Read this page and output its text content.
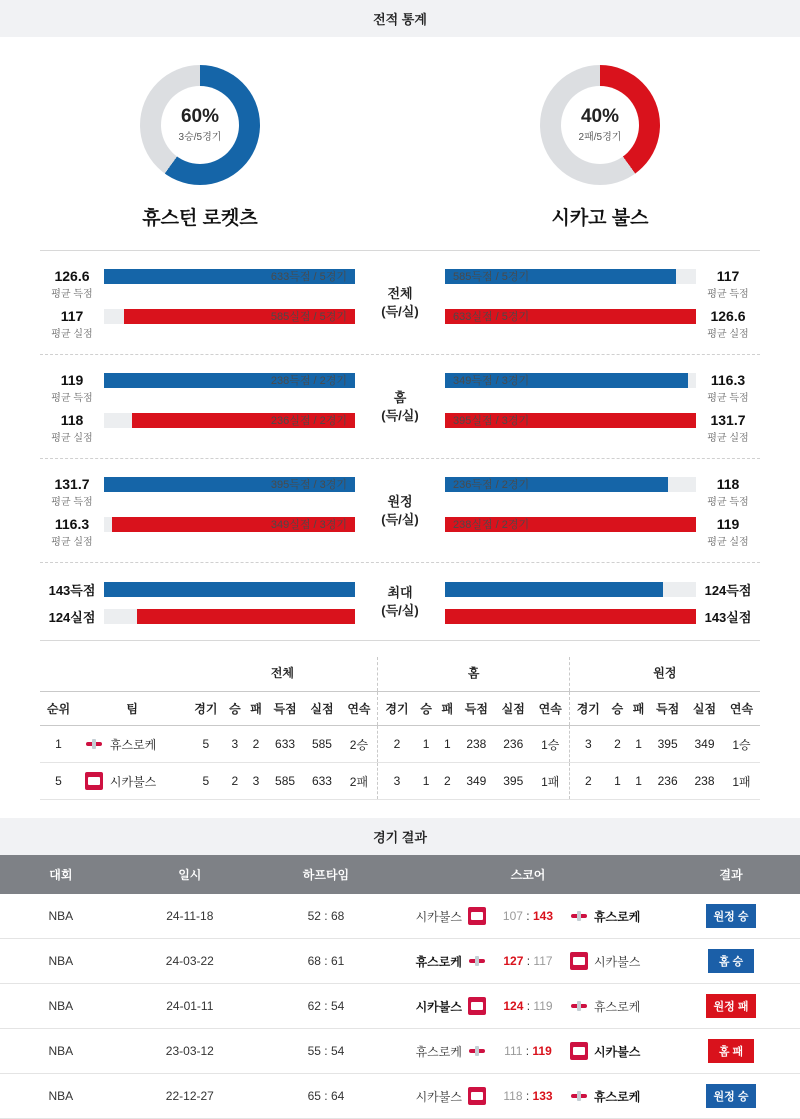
전적 통계
60%
3승/5경기
휴스턴 로켓츠
40%
2패/5경기
시카고 불스
126.6	633득점 / 5경기
평균 득점
117	585실점 / 5경기
평균 실점
전체
(득/실)
117
585득점 / 5경기
평균 득점
126.6
633실점 / 5경기
평균 실점
119	238득점 / 2경기
평균 득점
118	236실점 / 2경기
평균 실점
홈
(득/실)
116.3
349득점 / 3경기
평균 득점
131.7
395실점 / 3경기
평균 실점
131.7	395득점 / 3경기
평균 득점
116.3	349실점 / 3경기
평균 실점
원정
(득/실)
118
236득점 / 2경기
평균 득점
119
238실점 / 2경기
평균 실점
143득점
124실점
최대
(득/실)
124득점
143실점
		전체						홈						원정					
순위	팀	경기	승	패	득점	실점	연속	경기	승	패	득점	실점	연속	경기	승	패	득점	실점	연속
1	휴스로케	5	3	2	633	585	2승	2	1	1	238	236	1승	3	2	1	395	349	1승
5	시카불스	5	2	3	585	633	2패	3	1	2	349	395	1패	2	1	1	236	238	1패
경기 결과
대회	일시	하프타임	스코어	결과
NBA	24-11-18	52 : 68	시카불스 107 : 143 휴스로케	원정 승
NBA	24-03-22	68 : 61	휴스로케 127 : 117 시카불스	홈 승
NBA	24-01-11	62 : 54	시카불스 124 : 119 휴스로케	원정 패
NBA	23-03-12	55 : 54	휴스로케 111 : 119 시카불스	홈 패
NBA	22-12-27	65 : 64	시카불스 118 : 133 휴스로케	원정 승
